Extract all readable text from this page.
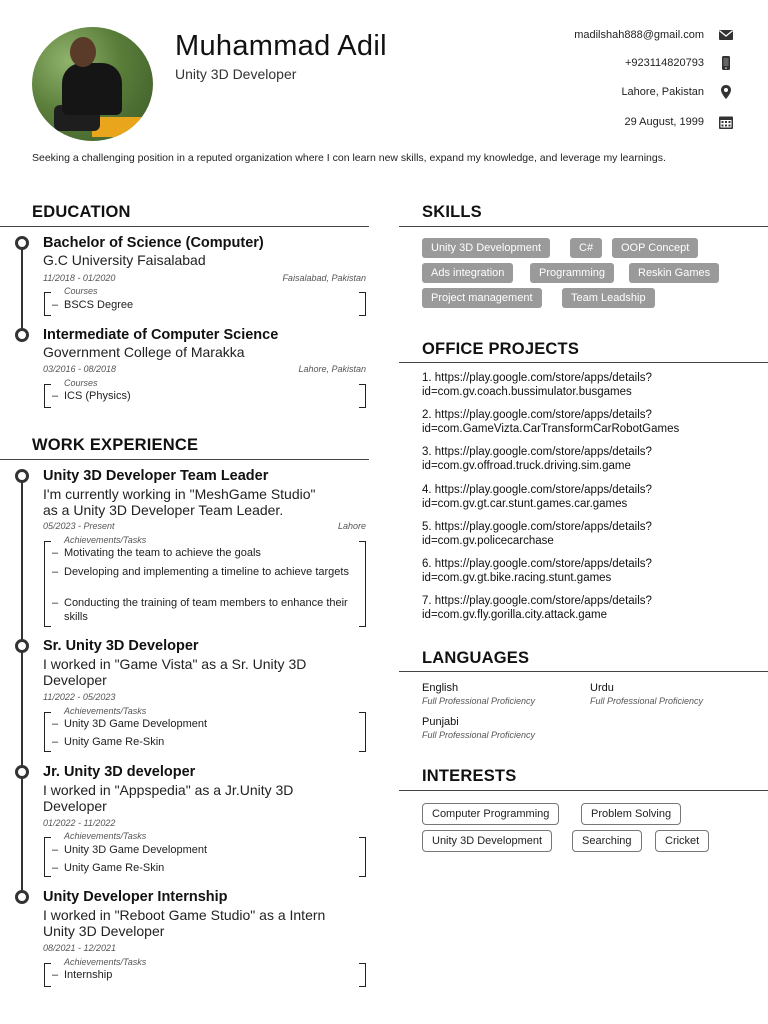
Muhammad Adil
Unity 3D Developer
madilshah888@gmail.com
+923114820793
Lahore, Pakistan
29 August, 1999
Seeking a challenging position in a reputed organization where I con learn new skills, expand my knowledge, and leverage my learnings.
EDUCATION
Bachelor of Science (Computer)
G.C University Faisalabad
11/2018 - 01/2020	Faisalabad, Pakistan
Courses
– BSCS Degree
Intermediate of Computer Science
Government College of Marakka
03/2016 - 08/2018	Lahore, Pakistan
Courses
– ICS (Physics)
WORK EXPERIENCE
Unity 3D Developer Team Leader
I'm currently working in "MeshGame Studio"
as a Unity 3D Developer Team Leader.
05/2023 - Present	Lahore
Achievements/Tasks
– Motivating the team to achieve the goals
– Developing and implementing a timeline to achieve targets
– Conducting the training of team members to enhance their skills
Sr. Unity 3D Developer
I worked in "Game Vista" as a Sr. Unity 3D
Developer
11/2022 - 05/2023
Achievements/Tasks
– Unity 3D Game Development
– Unity Game Re-Skin
Jr. Unity 3D developer
I worked in "Appspedia" as a Jr.Unity 3D
Developer
01/2022 - 11/2022
Achievements/Tasks
– Unity 3D Game Development
– Unity Game Re-Skin
Unity Developer Internship
I worked in "Reboot Game Studio" as a Intern
Unity 3D Developer
08/2021 - 12/2021
Achievements/Tasks
– Internship
SKILLS
Unity 3D Development	C#	OOP Concept
Ads integration	Programming	Reskin Games
Project management	Team Leadship
OFFICE PROJECTS
1. https://play.google.com/store/apps/details?
id=com.gv.coach.bussimulator.busgames
2. https://play.google.com/store/apps/details?
id=com.GameVizta.CarTransformCarRobotGames
3. https://play.google.com/store/apps/details?
id=com.gv.offroad.truck.driving.sim.game
4. https://play.google.com/store/apps/details?
id=com.gv.gt.car.stunt.games.car.games
5. https://play.google.com/store/apps/details?
id=com.gv.policecarchase
6. https://play.google.com/store/apps/details?
id=com.gv.gt.bike.racing.stunt.games
7. https://play.google.com/store/apps/details?
id=com.gv.fly.gorilla.city.attack.game
LANGUAGES
English
Full Professional Proficiency
Urdu
Full Professional Proficiency
Punjabi
Full Professional Proficiency
INTERESTS
Computer Programming	Problem Solving
Unity 3D Development	Searching	Cricket
